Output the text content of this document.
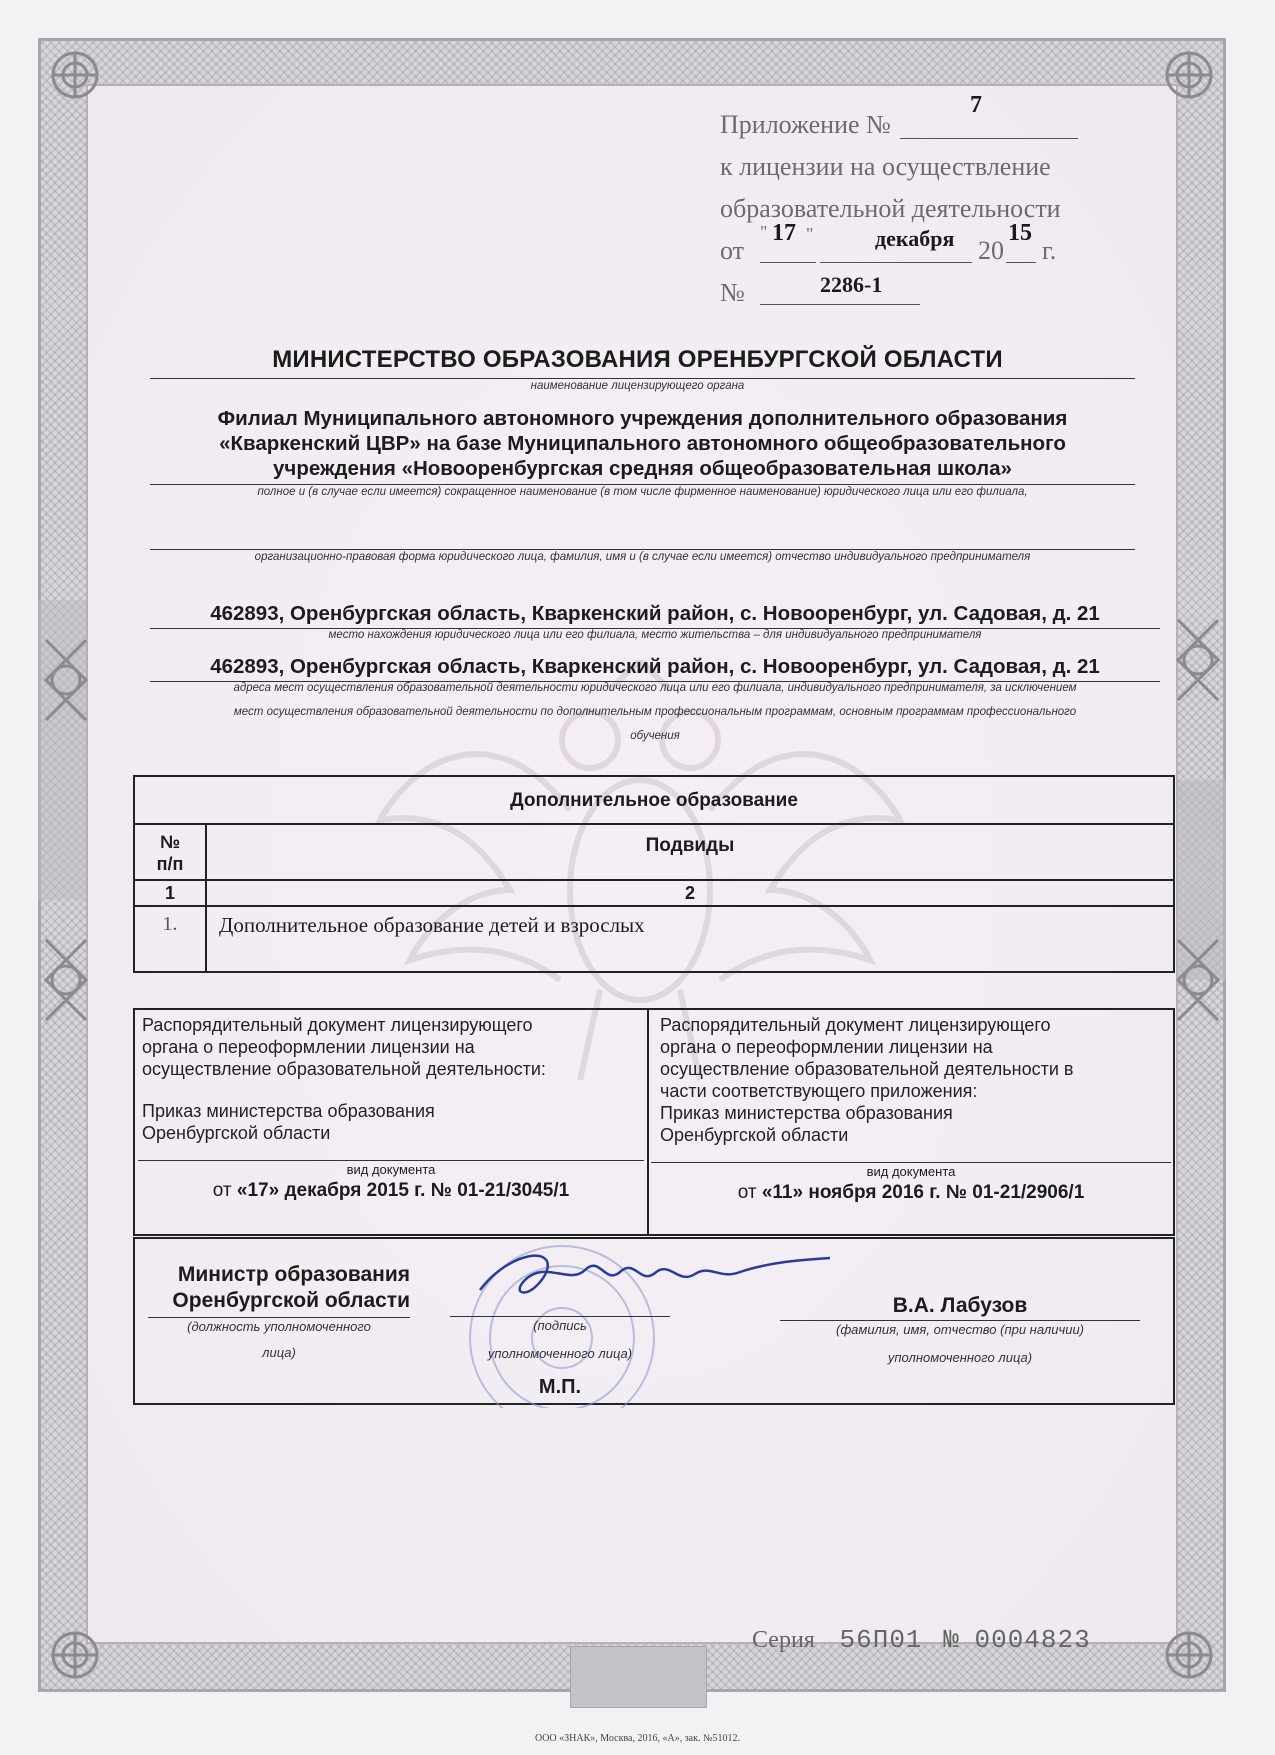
Приложение №
7
к лицензии на осуществление
образовательной деятельности
от
" 17 "	декабря 20
15
г.
№	2286-1
МИНИСТЕРСТВО ОБРАЗОВАНИЯ ОРЕНБУРГСКОЙ ОБЛАСТИ
наименование лицензирующего органа
Филиал Муниципального автономного учреждения дополнительного образования
«Кваркенский ЦВР» на базе Муниципального автономного общеобразовательного
учреждения «Новооренбургская средняя общеобразовательная школа»
полное и (в случае если имеется) сокращенное наименование (в том числе фирменное наименование) юридического лица или его филиала,
организационно-правовая форма юридического лица, фамилия, имя и (в случае если имеется) отчество индивидуального предпринимателя
462893, Оренбургская область, Кваркенский район, с. Новооренбург, ул. Садовая, д. 21
место нахождения юридического лица или его филиала, место жительства – для индивидуального предпринимателя
462893, Оренбургская область, Кваркенский район, с. Новооренбург, ул. Садовая, д. 21
адреса мест осуществления образовательной деятельности юридического лица или его филиала, индивидуального предпринимателя, за исключением
мест осуществления образовательной деятельности по дополнительным профессиональным программам, основным программам профессионального
обучения
Дополнительное образование
№
п/п
Подвиды
1	2
1.	Дополнительное образование детей и взрослых
Распорядительный документ лицензирующего
органа о переоформлении лицензии на
осуществление образовательной деятельности:
Приказ министерства образования
Оренбургской области
вид документа
от «17» декабря 2015 г. № 01-21/3045/1
Распорядительный документ лицензирующего
органа о переоформлении лицензии на
осуществление образовательной деятельности в
части соответствующего приложения:
Приказ министерства образования
Оренбургской области
вид документа
от «11» ноября 2016 г. № 01-21/2906/1
Министр образования
Оренбургской области
(должность уполномоченного
лица)
(подпись
уполномоченного лица)
М.П.
В.А. Лабузов
(фамилия, имя, отчество (при наличии)
уполномоченного лица)
Серия 56П01 № 0004823
ООО «ЗНАК», Москва, 2016, «А», зак. №51012.
